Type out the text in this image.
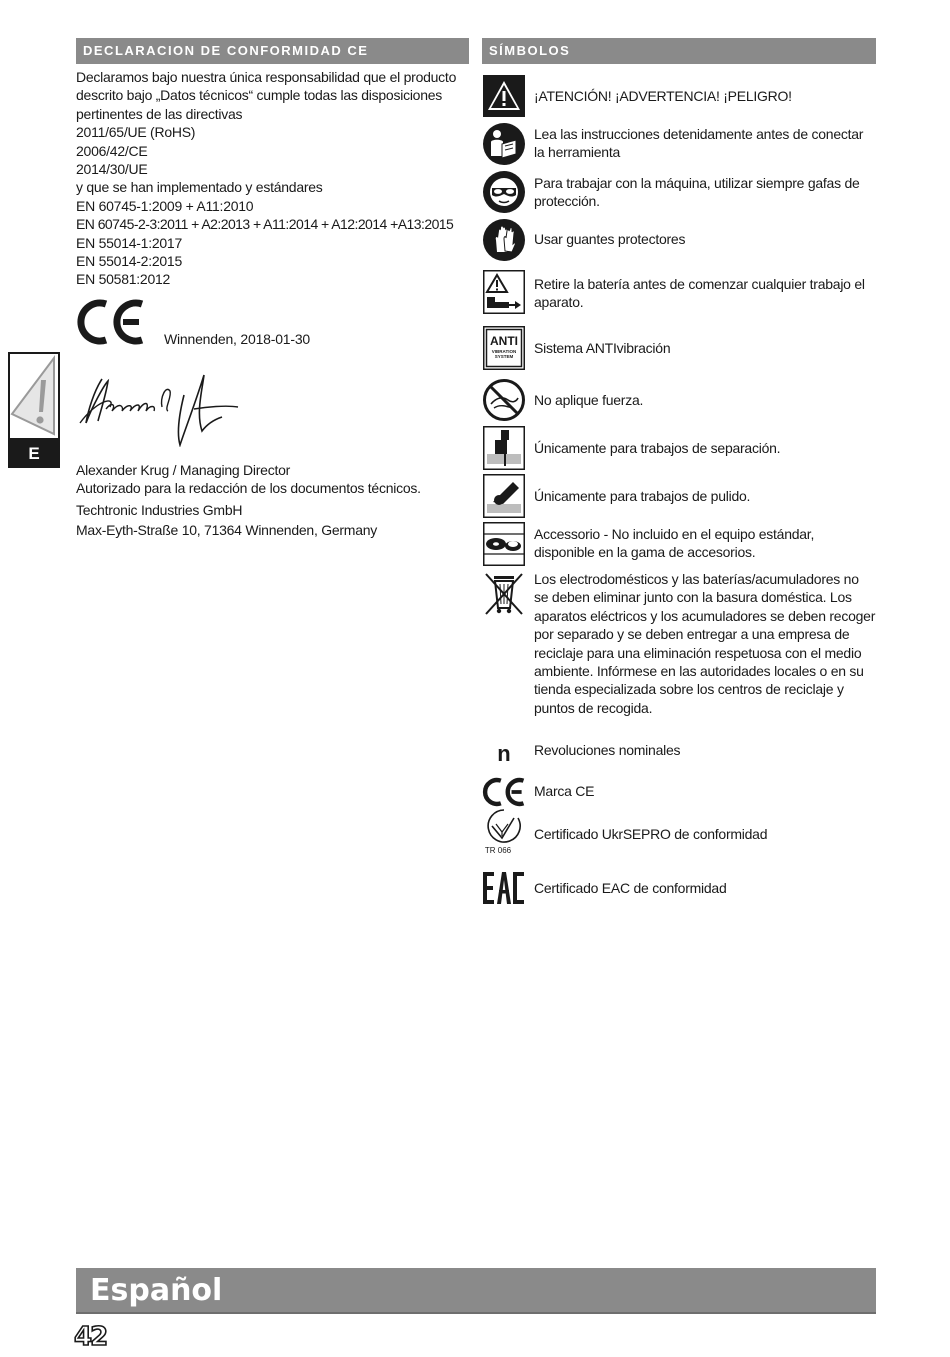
E
DECLARACION DE CONFORMIDAD CE
Declaramos bajo nuestra única responsabilidad que el producto
descrito bajo „Datos técnicos“ cumple todas las disposiciones
pertinentes de las directivas
2011/65/UE (RoHS)
2006/42/CE
2014/30/UE
y que se han implementado y estándares
EN 60745-1:2009 + A11:2010
EN 60745-2-3:2011 + A2:2013 + A11:2014 + A12:2014 +A13:2015
EN 55014-1:2017
EN 55014-2:2015
EN 50581:2012
Winnenden, 2018-01-30
Alexander Krug / Managing Director
Autorizado para la redacción de los documentos técnicos.
Techtronic Industries GmbH
Max-Eyth-Straße 10, 71364 Winnenden, Germany
SÍMBOLOS
¡ATENCIÓN! ¡ADVERTENCIA! ¡PELIGRO!
Lea las instrucciones detenidamente antes de conectar la herramienta
Para trabajar con la máquina, utilizar siempre gafas de protección.
Usar guantes protectores
Retire la batería antes de comenzar cualquier trabajo el aparato.
ANTI
VIBRATION SYSTEM
Sistema ANTIvibración
No aplique fuerza.
Únicamente para trabajos de separación.
Únicamente para trabajos de pulido.
Accessorio - No incluido en el equipo estándar, disponible en la gama de accesorios.
Los electrodomésticos y las baterías/acumuladores no se deben eliminar junto con la basura doméstica. Los aparatos eléctricos y los acumuladores se deben recoger por separado y se deben entregar a una empresa de reciclaje para una eliminación respetuosa con el medio ambiente. Infórmese en las autoridades locales o en su tienda especializada sobre los centros de reciclaje y puntos de recogida.
n	Revoluciones nominales
Marca CE
TR 066
Certificado UkrSEPRO de conformidad
Certificado EAC de conformidad
Español
42
